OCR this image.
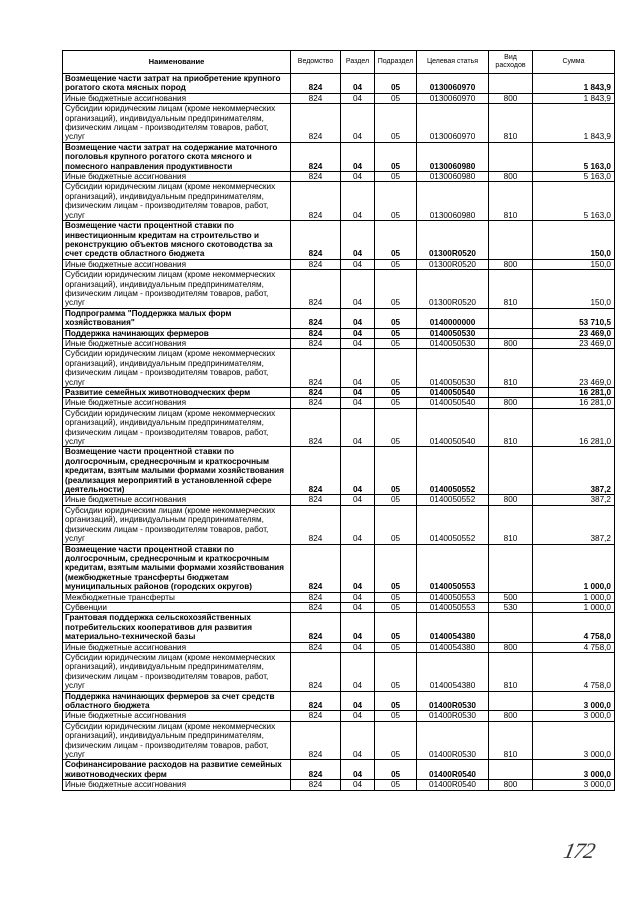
Наименование	Ведомство	Раздел	Подраздел	Целевая статья	Вид расходов	Сумма
Возмещение части затрат на приобретение крупного рогатого скота мясных пород	824	04	05	0130060970		1 843,9
Иные бюджетные ассигнования	824	04	05	0130060970	800	1 843,9
Субсидии юридическим лицам (кроме некоммерческих организаций), индивидуальным предпринимателям, физическим лицам - производителям товаров, работ, услуг	824	04	05	0130060970	810	1 843,9
Возмещение части затрат на содержание маточного поголовья крупного рогатого скота мясного и помесного направления продуктивности	824	04	05	0130060980		5 163,0
Иные бюджетные ассигнования	824	04	05	0130060980	800	5 163,0
Субсидии юридическим лицам (кроме некоммерческих организаций), индивидуальным предпринимателям, физическим лицам - производителям товаров, работ, услуг	824	04	05	0130060980	810	5 163,0
Возмещение части процентной ставки по инвестиционным кредитам на строительство и реконструкцию объектов мясного скотоводства за счет средств областного бюджета	824	04	05	01300R0520		150,0
Иные бюджетные ассигнования	824	04	05	01300R0520	800	150,0
Субсидии юридическим лицам (кроме некоммерческих организаций), индивидуальным предпринимателям, физическим лицам - производителям товаров, работ, услуг	824	04	05	01300R0520	810	150,0
Подпрограмма "Поддержка малых форм хозяйствования"	824	04	05	0140000000		53 710,5
Поддержка начинающих фермеров	824	04	05	0140050530		23 469,0
Иные бюджетные ассигнования	824	04	05	0140050530	800	23 469,0
Субсидии юридическим лицам (кроме некоммерческих организаций), индивидуальным предпринимателям, физическим лицам - производителям товаров, работ, услуг	824	04	05	0140050530	810	23 469,0
Развитие семейных животноводческих ферм	824	04	05	0140050540		16 281,0
Иные бюджетные ассигнования	824	04	05	0140050540	800	16 281,0
Субсидии юридическим лицам (кроме некоммерческих организаций), индивидуальным предпринимателям, физическим лицам - производителям товаров, работ, услуг	824	04	05	0140050540	810	16 281,0
Возмещение части процентной ставки по долгосрочным, среднесрочным и краткосрочным кредитам, взятым малыми формами хозяйствования (реализация мероприятий в установленной сфере деятельности)	824	04	05	0140050552		387,2
Иные бюджетные ассигнования	824	04	05	0140050552	800	387,2
Субсидии юридическим лицам (кроме некоммерческих организаций), индивидуальным предпринимателям, физическим лицам - производителям товаров, работ, услуг	824	04	05	0140050552	810	387,2
Возмещение части процентной ставки по долгосрочным, среднесрочным и краткосрочным кредитам, взятым малыми формами хозяйствования (межбюджетные трансферты бюджетам муниципальных районов (городских округов)	824	04	05	0140050553		1 000,0
Межбюджетные трансферты	824	04	05	0140050553	500	1 000,0
Субвенции	824	04	05	0140050553	530	1 000,0
Грантовая поддержка сельскохозяйственных потребительских кооперативов для развития материально-технической базы	824	04	05	0140054380		4 758,0
Иные бюджетные ассигнования	824	04	05	0140054380	800	4 758,0
Субсидии юридическим лицам (кроме некоммерческих организаций), индивидуальным предпринимателям, физическим лицам - производителям товаров, работ, услуг	824	04	05	0140054380	810	4 758,0
Поддержка начинающих фермеров за счет средств областного бюджета	824	04	05	01400R0530		3 000,0
Иные бюджетные ассигнования	824	04	05	01400R0530	800	3 000,0
Субсидии юридическим лицам (кроме некоммерческих организаций), индивидуальным предпринимателям, физическим лицам - производителям товаров, работ, услуг	824	04	05	01400R0530	810	3 000,0
Софинансирование расходов на развитие семейных животноводческих ферм	824	04	05	01400R0540		3 000,0
Иные бюджетные ассигнования	824	04	05	01400R0540	800	3 000,0
172
